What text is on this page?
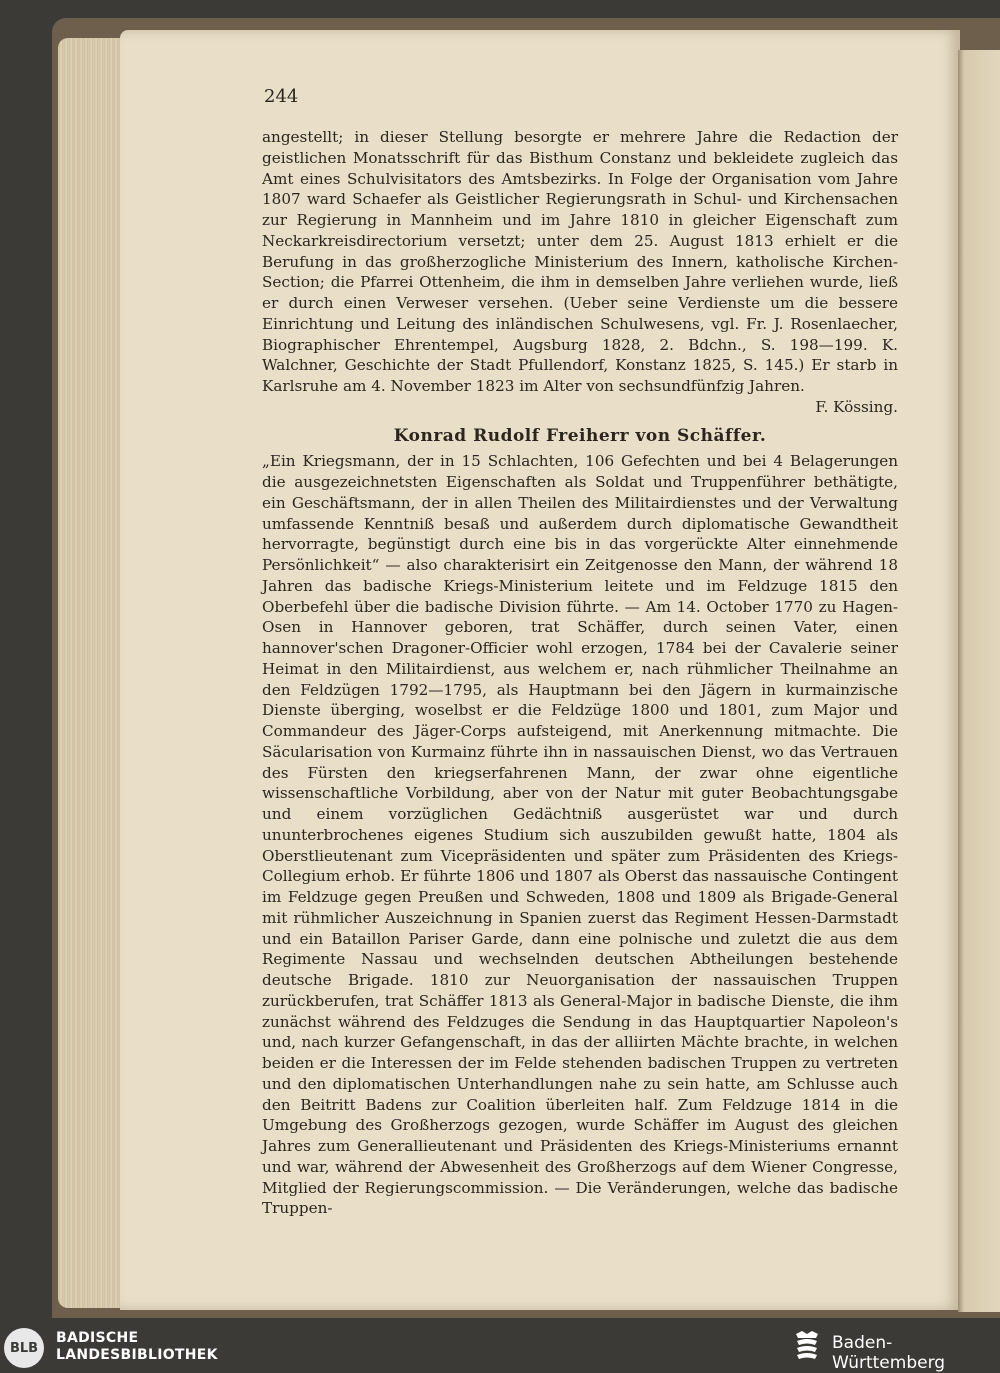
244

angestellt; in dieser Stellung besorgte er mehrere Jahre die Redaction der geistlichen Monatsschrift für das Bisthum Constanz und bekleidete zugleich das Amt eines Schulvisitators des Amtsbezirks. In Folge der Organisation vom Jahre 1807 ward Schaefer als Geistlicher Regierungsrath in Schul- und Kirchensachen zur Regierung in Mannheim und im Jahre 1810 in gleicher Eigenschaft zum Neckarkreisdirectorium versetzt; unter dem 25. August 1813 erhielt er die Berufung in das großherzogliche Ministerium des Innern, katholische Kirchen-Section; die Pfarrei Ottenheim, die ihm in demselben Jahre verliehen wurde, ließ er durch einen Verweser versehen. (Ueber seine Verdienste um die bessere Einrichtung und Leitung des inländischen Schulwesens, vgl. Fr. J. Rosenlaecher, Biographischer Ehrentempel, Augsburg 1828, 2. Bdchn., S. 198—199. K. Walchner, Geschichte der Stadt Pfullendorf, Konstanz 1825, S. 145.) Er starb in Karlsruhe am 4. November 1823 im Alter von sechsundfünfzig Jahren.

F. Kössing.
Konrad Rudolf Freiherr von Schäffer.

„Ein Kriegsmann, der in 15 Schlachten, 106 Gefechten und bei 4 Belagerungen die ausgezeichnetsten Eigenschaften als Soldat und Truppenführer bethätigte, ein Geschäftsmann, der in allen Theilen des Militairdienstes und der Verwaltung umfassende Kenntniß besaß und außerdem durch diplomatische Gewandtheit hervorragte, begünstigt durch eine bis in das vorgerückte Alter einnehmende Persönlichkeit“ — also charakterisirt ein Zeitgenosse den Mann, der während 18 Jahren das badische Kriegs-Ministerium leitete und im Feldzuge 1815 den Oberbefehl über die badische Division führte. — Am 14. October 1770 zu Hagen-Osen in Hannover geboren, trat Schäffer, durch seinen Vater, einen hannover'schen Dragoner-Officier wohl erzogen, 1784 bei der Cavalerie seiner Heimat in den Militairdienst, aus welchem er, nach rühmlicher Theilnahme an den Feldzügen 1792—1795, als Hauptmann bei den Jägern in kurmainzische Dienste überging, woselbst er die Feldzüge 1800 und 1801, zum Major und Commandeur des Jäger-Corps aufsteigend, mit Anerkennung mitmachte. Die Säcularisation von Kurmainz führte ihn in nassauischen Dienst, wo das Vertrauen des Fürsten den kriegserfahrenen Mann, der zwar ohne eigentliche wissenschaftliche Vorbildung, aber von der Natur mit guter Beobachtungsgabe und einem vorzüglichen Gedächtniß ausgerüstet war und durch ununterbrochenes eigenes Studium sich auszubilden gewußt hatte, 1804 als Oberstlieutenant zum Vicepräsidenten und später zum Präsidenten des Kriegs-Collegium erhob. Er führte 1806 und 1807 als Oberst das nassauische Contingent im Feldzuge gegen Preußen und Schweden, 1808 und 1809 als Brigade-General mit rühmlicher Auszeichnung in Spanien zuerst das Regiment Hessen-Darmstadt und ein Bataillon Pariser Garde, dann eine polnische und zuletzt die aus dem Regimente Nassau und wechselnden deutschen Abtheilungen bestehende deutsche Brigade. 1810 zur Neuorganisation der nassauischen Truppen zurückberufen, trat Schäffer 1813 als General-Major in badische Dienste, die ihm zunächst während des Feldzuges die Sendung in das Hauptquartier Napoleon's und, nach kurzer Gefangenschaft, in das der alliirten Mächte brachte, in welchen beiden er die Interessen der im Felde stehenden badischen Truppen zu vertreten und den diplomatischen Unterhandlungen nahe zu sein hatte, am Schlusse auch den Beitritt Badens zur Coalition überleiten half. Zum Feldzuge 1814 in die Umgebung des Großherzogs gezogen, wurde Schäffer im August des gleichen Jahres zum Generallieutenant und Präsidenten des Kriegs-Ministeriums ernannt und war, während der Abwesenheit des Großherzogs auf dem Wiener Congresse, Mitglied der Regierungscommission. — Die Veränderungen, welche das badische Truppen-

BLB
BADISCHE
LANDESBIBLIOTHEK
Baden-Württemberg
